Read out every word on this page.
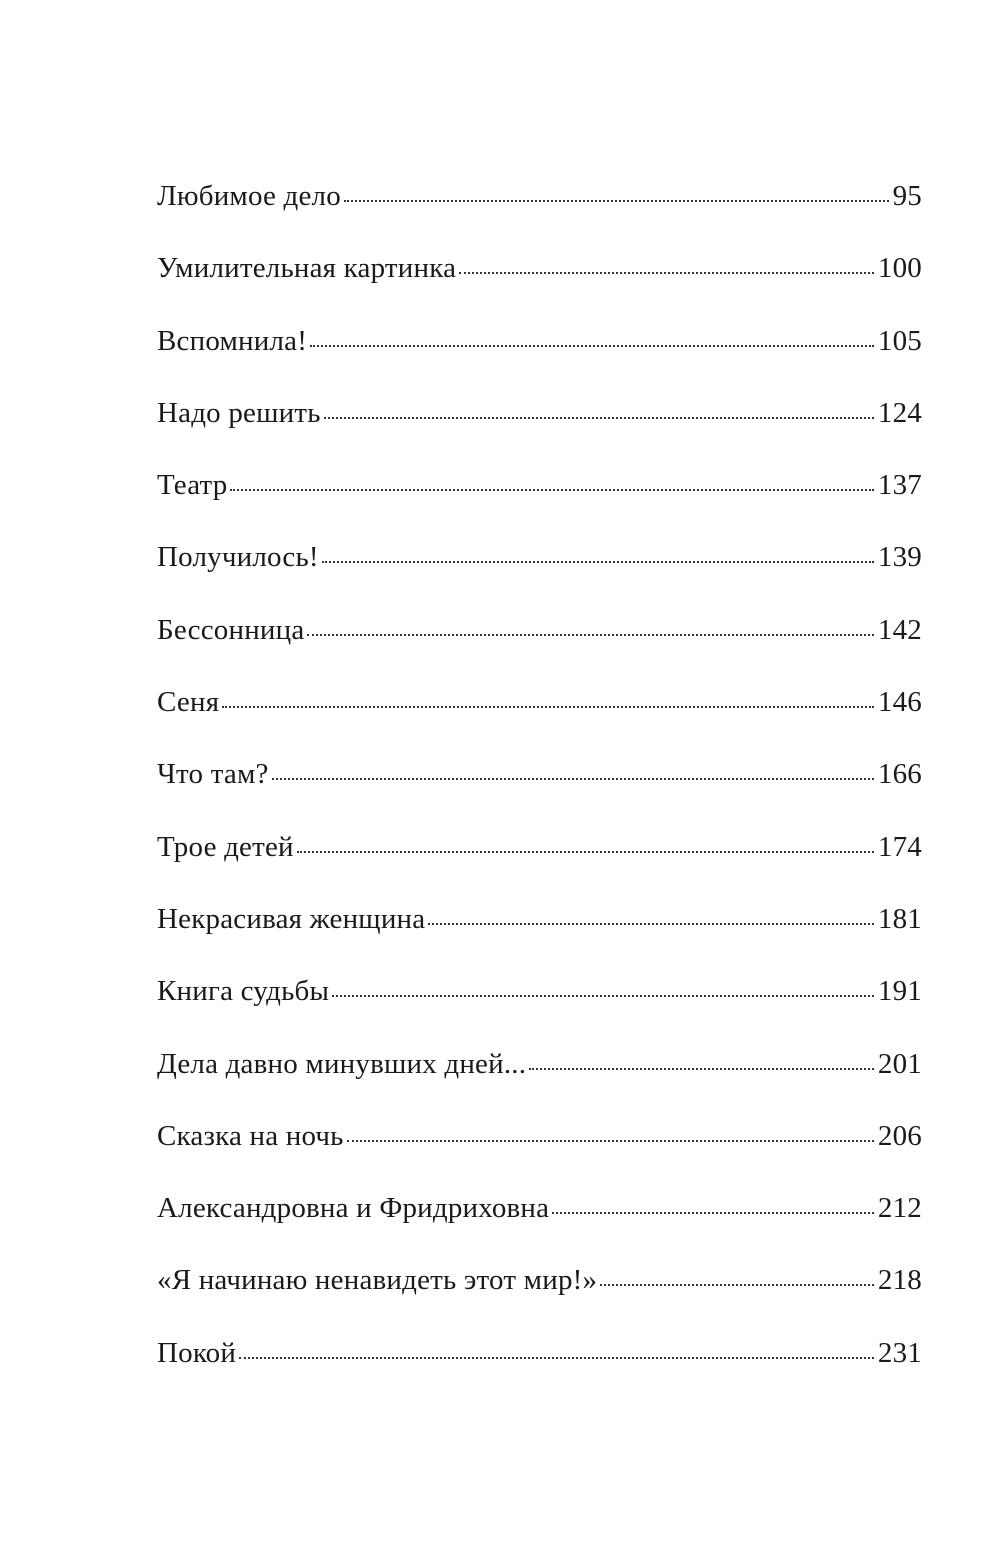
Любимое дело	95
Умилительная картинка	100
Вспомнила!	105
Надо решить	124
Театр	137
Получилось!	139
Бессонница	142
Сеня	146
Что там?	166
Трое детей	174
Некрасивая женщина	181
Книга судьбы	191
Дела давно минувших дней...	201
Сказка на ночь	206
Александровна и Фридриховна	212
«Я начинаю ненавидеть этот мир!»	218
Покой	231
